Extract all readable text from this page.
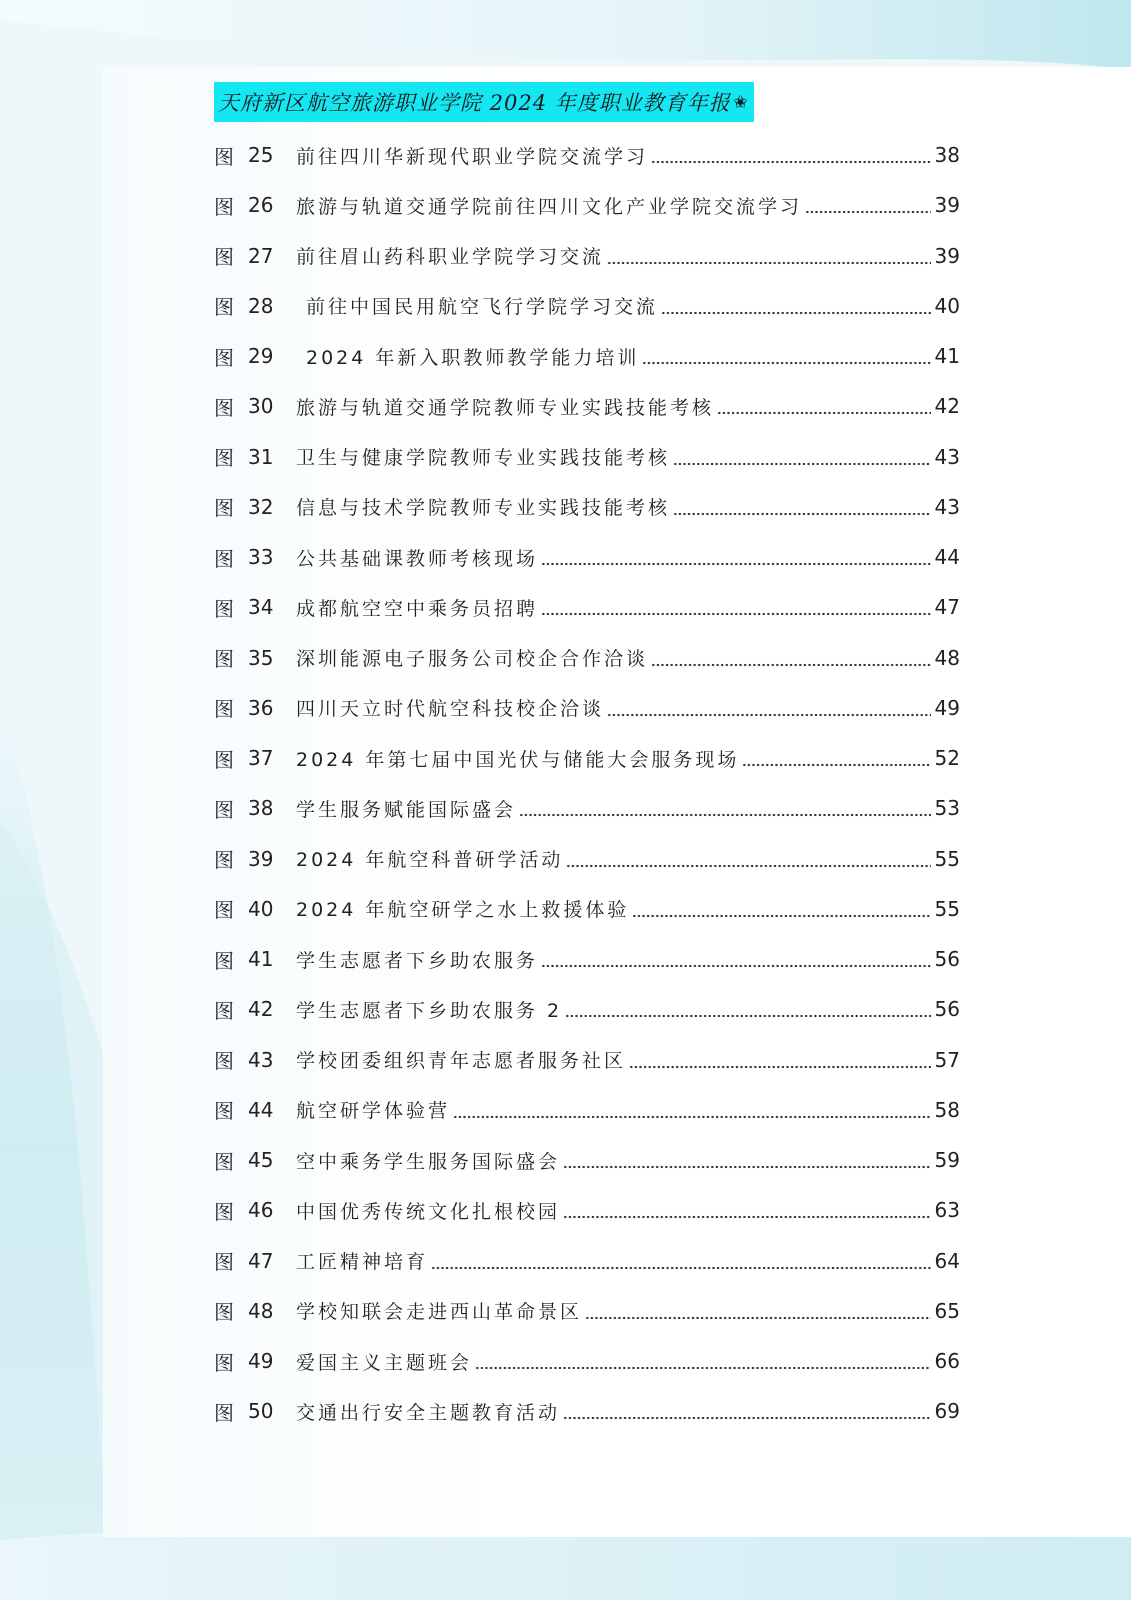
天府新区航空旅游职业学院 2024 年度职业教育年报 ✬
图 25	前往四川华新现代职业学院交流学习	38
图 26	旅游与轨道交通学院前往四川文化产业学院交流学习	39
图 27	前往眉山药科职业学院学习交流	39
图 28	前往中国民用航空飞行学院学习交流	40
图 29	2024 年新入职教师教学能力培训	41
图 30	旅游与轨道交通学院教师专业实践技能考核	42
图 31	卫生与健康学院教师专业实践技能考核	43
图 32	信息与技术学院教师专业实践技能考核	43
图 33	公共基础课教师考核现场	44
图 34	成都航空空中乘务员招聘	47
图 35	深圳能源电子服务公司校企合作洽谈	48
图 36	四川天立时代航空科技校企洽谈	49
图 37	2024 年第七届中国光伏与储能大会服务现场	52
图 38	学生服务赋能国际盛会	53
图 39	2024 年航空科普研学活动	55
图 40	2024 年航空研学之水上救援体验	55
图 41	学生志愿者下乡助农服务	56
图 42	学生志愿者下乡助农服务 2	56
图 43	学校团委组织青年志愿者服务社区	57
图 44	航空研学体验营	58
图 45	空中乘务学生服务国际盛会	59
图 46	中国优秀传统文化扎根校园	63
图 47	工匠精神培育	64
图 48	学校知联会走进西山革命景区	65
图 49	爱国主义主题班会	66
图 50	交通出行安全主题教育活动	69
